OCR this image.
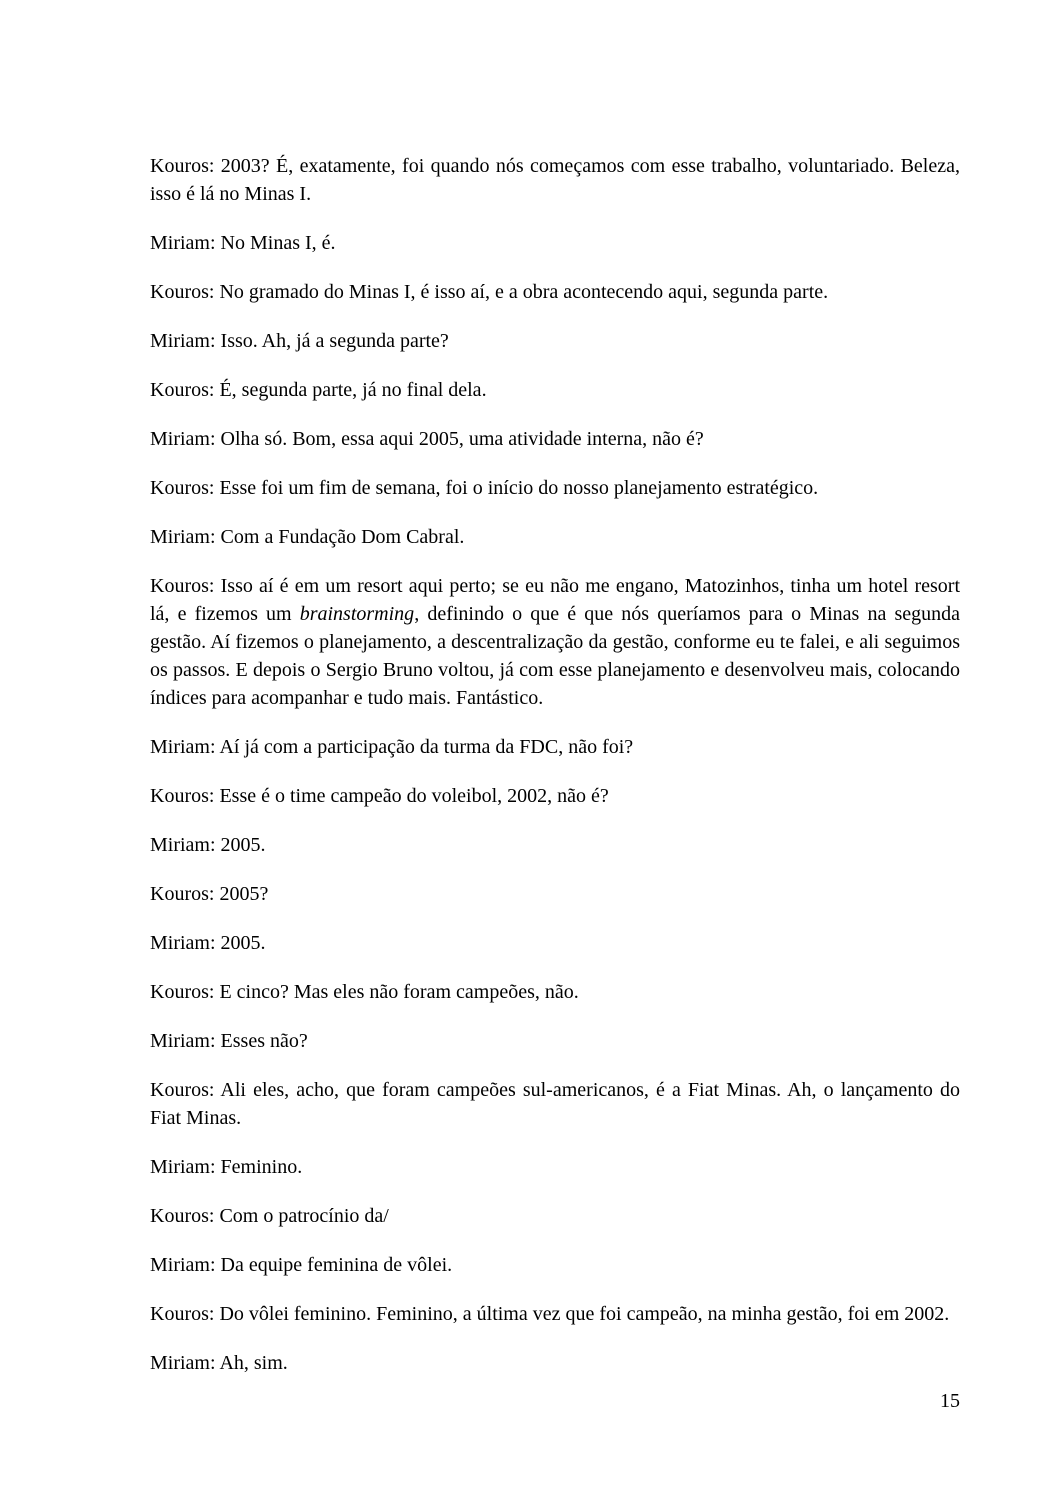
Kouros: 2003? É, exatamente, foi quando nós começamos com esse trabalho, voluntariado. Beleza, isso é lá no Minas I.

Miriam: No Minas I, é.

Kouros: No gramado do Minas I, é isso aí, e a obra acontecendo aqui, segunda parte.

Miriam: Isso. Ah, já a segunda parte?

Kouros: É, segunda parte, já no final dela.

Miriam: Olha só. Bom, essa aqui 2005, uma atividade interna, não é?

Kouros: Esse foi um fim de semana, foi o início do nosso planejamento estratégico.

Miriam: Com a Fundação Dom Cabral.

Kouros: Isso aí é em um resort aqui perto; se eu não me engano, Matozinhos, tinha um hotel resort lá, e fizemos um brainstorming, definindo o que é que nós queríamos para o Minas na segunda gestão. Aí fizemos o planejamento, a descentralização da gestão, conforme eu te falei, e ali seguimos os passos. E depois o Sergio Bruno voltou, já com esse planejamento e desenvolveu mais, colocando índices para acompanhar e tudo mais. Fantástico.

Miriam: Aí já com a participação da turma da FDC, não foi?

Kouros: Esse é o time campeão do voleibol, 2002, não é?

Miriam: 2005.

Kouros: 2005?

Miriam: 2005.

Kouros: E cinco? Mas eles não foram campeões, não.

Miriam: Esses não?

Kouros: Ali eles, acho, que foram campeões sul-americanos, é a Fiat Minas. Ah, o lançamento do Fiat Minas.

Miriam: Feminino.

Kouros: Com o patrocínio da/

Miriam: Da equipe feminina de vôlei.

Kouros: Do vôlei feminino. Feminino, a última vez que foi campeão, na minha gestão, foi em 2002.

Miriam: Ah, sim.

15
